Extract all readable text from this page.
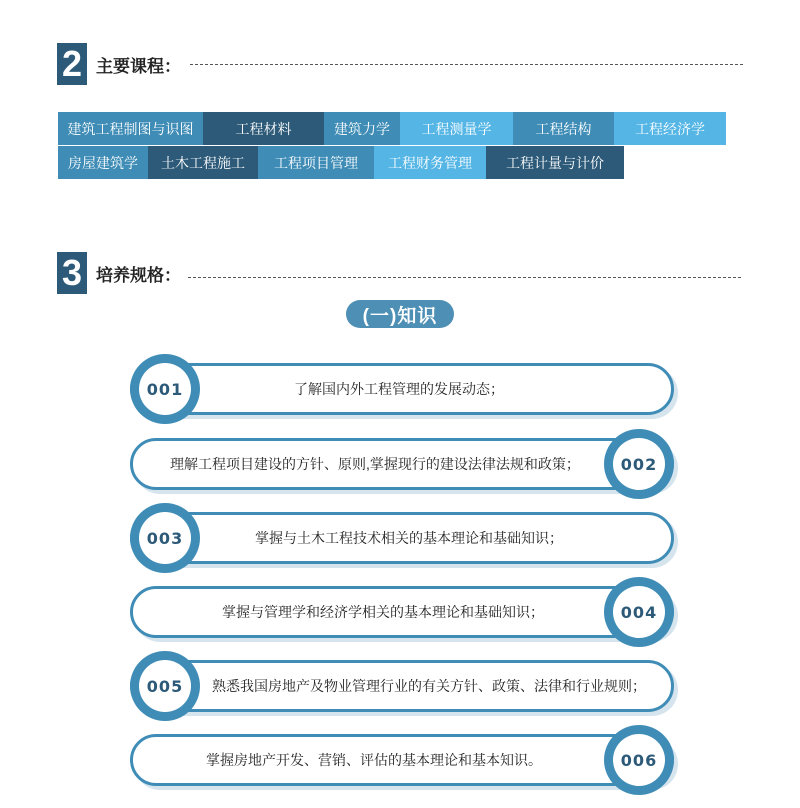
2 主要课程：
建筑工程制图与识图	工程材料	建筑力学	工程测量学	工程结构	工程经济学
房屋建筑学	土木工程施工	工程项目管理	工程财务管理	工程计量与计价
3 培养规格：
(一)知识
了解国内外工程管理的发展动态；
001
理解工程项目建设的方针、原则,掌握现行的建设法律法规和政策；	002
掌握与土木工程技术相关的基本理论和基础知识；
003
掌握与管理学和经济学相关的基本理论和基础知识；	004
熟悉我国房地产及物业管理行业的有关方针、政策、法律和行业规则；
005
掌握房地产开发、营销、评估的基本理论和基本知识。	006
